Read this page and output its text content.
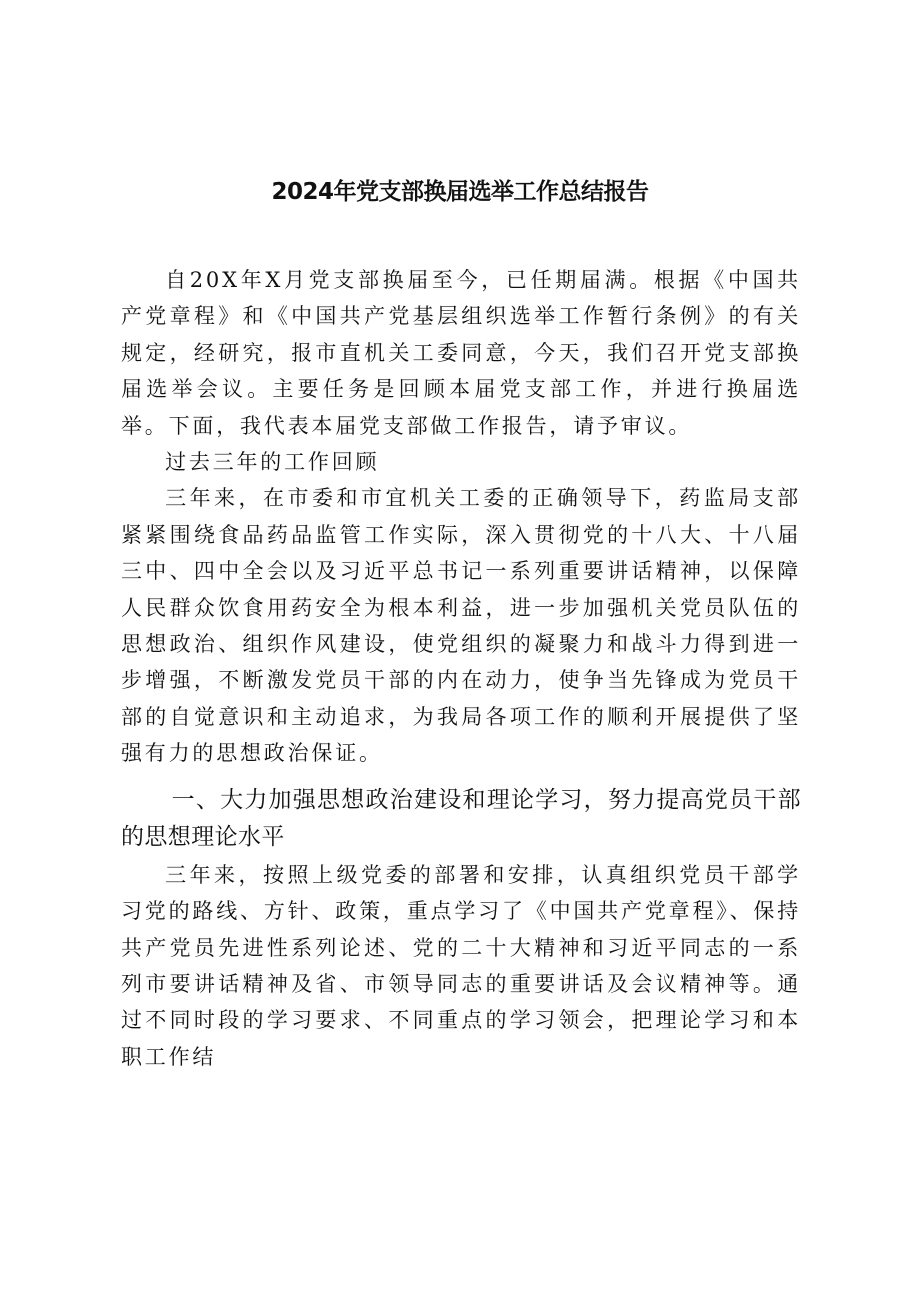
2024年党支部换届选举工作总结报告

自20X年X月党支部换届至今，已任期届满。根据《中国共产党章程》和《中国共产党基层组织选举工作暂行条例》的有关规定，经研究，报市直机关工委同意，今天，我们召开党支部换届选举会议。主要任务是回顾本届党支部工作，并进行换届选举。下面，我代表本届党支部做工作报告，请予审议。

过去三年的工作回顾

三年来，在市委和市宜机关工委的正确领导下，药监局支部紧紧围绕食品药品监管工作实际，深入贯彻党的十八大、十八届三中、四中全会以及习近平总书记一系列重要讲话精神，以保障人民群众饮食用药安全为根本利益，进一步加强机关党员队伍的思想政治、组织作风建设，使党组织的凝聚力和战斗力得到进一步增强，不断激发党员干部的内在动力，使争当先锋成为党员干部的自觉意识和主动追求，为我局各项工作的顺利开展提供了坚强有力的思想政治保证。

一、大力加强思想政治建设和理论学习，努力提高党员干部的思想理论水平

三年来，按照上级党委的部署和安排，认真组织党员干部学习党的路线、方针、政策，重点学习了《中国共产党章程》、保持共产党员先进性系列论述、党的二十大精神和习近平同志的一系列市要讲话精神及省、市领导同志的重要讲话及会议精神等。通过不同时段的学习要求、不同重点的学习领会，把理论学习和本职工作结
